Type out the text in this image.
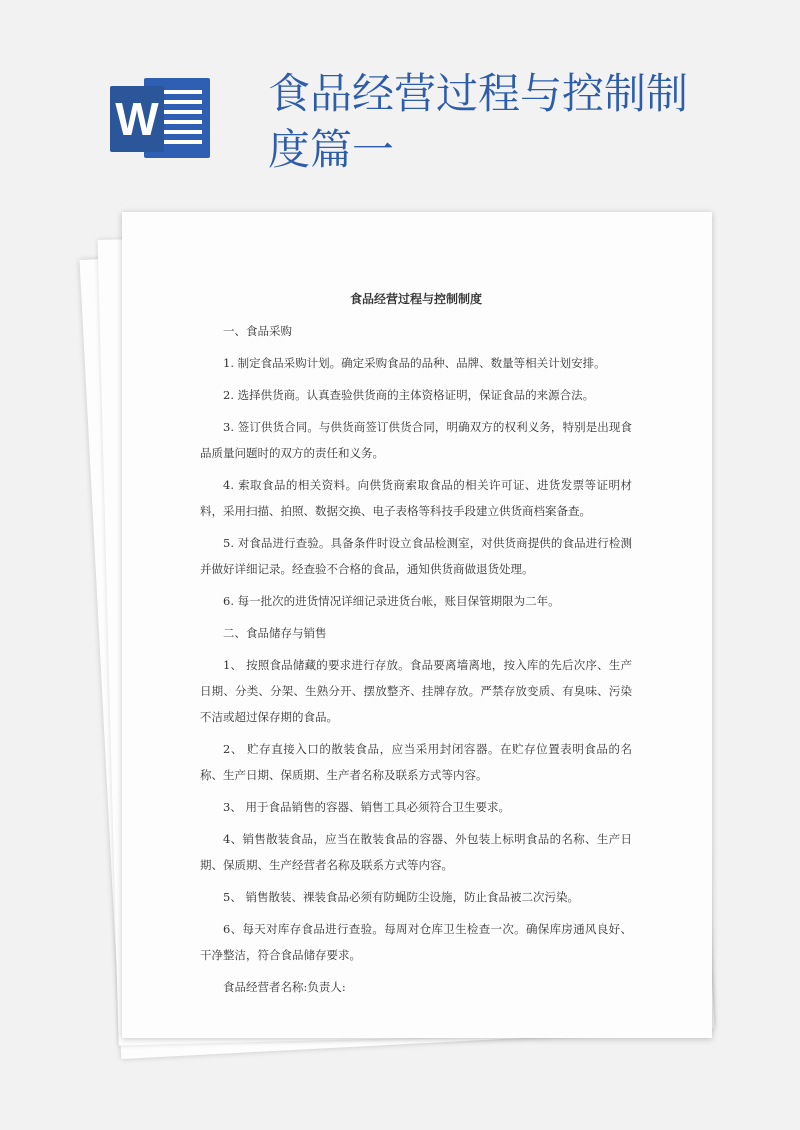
W	食品经营过程与控制制度篇一

食品经营过程与控制制度

一、食品采购

1. 制定食品采购计划。确定采购食品的品种、品牌、数量等相关计划安排。

2. 选择供货商。认真查验供货商的主体资格证明，保证食品的来源合法。

3. 签订供货合同。与供货商签订供货合同，明确双方的权利义务，特别是出现食品质量问题时的双方的责任和义务。

4. 索取食品的相关资料。向供货商索取食品的相关许可证、进货发票等证明材料，采用扫描、拍照、数据交换、电子表格等科技手段建立供货商档案备查。

5. 对食品进行查验。具备条件时设立食品检测室，对供货商提供的食品进行检测并做好详细记录。经查验不合格的食品，通知供货商做退货处理。

6. 每一批次的进货情况详细记录进货台帐，账目保管期限为二年。

二、食品储存与销售

1、 按照食品储藏的要求进行存放。食品要离墙离地，按入库的先后次序、生产日期、分类、分架、生熟分开、摆放整齐、挂牌存放。严禁存放变质、有臭味、污染不洁或超过保存期的食品。

2、 贮存直接入口的散装食品，应当采用封闭容器。在贮存位置表明食品的名称、生产日期、保质期、生产者名称及联系方式等内容。

3、 用于食品销售的容器、销售工具必须符合卫生要求。

4、销售散装食品，应当在散装食品的容器、外包装上标明食品的名称、生产日期、保质期、生产经营者名称及联系方式等内容。

5、 销售散装、裸装食品必须有防蝇防尘设施，防止食品被二次污染。

6、每天对库存食品进行查验。每周对仓库卫生检查一次。确保库房通风良好、干净整洁，符合食品储存要求。

食品经营者名称:负责人:
